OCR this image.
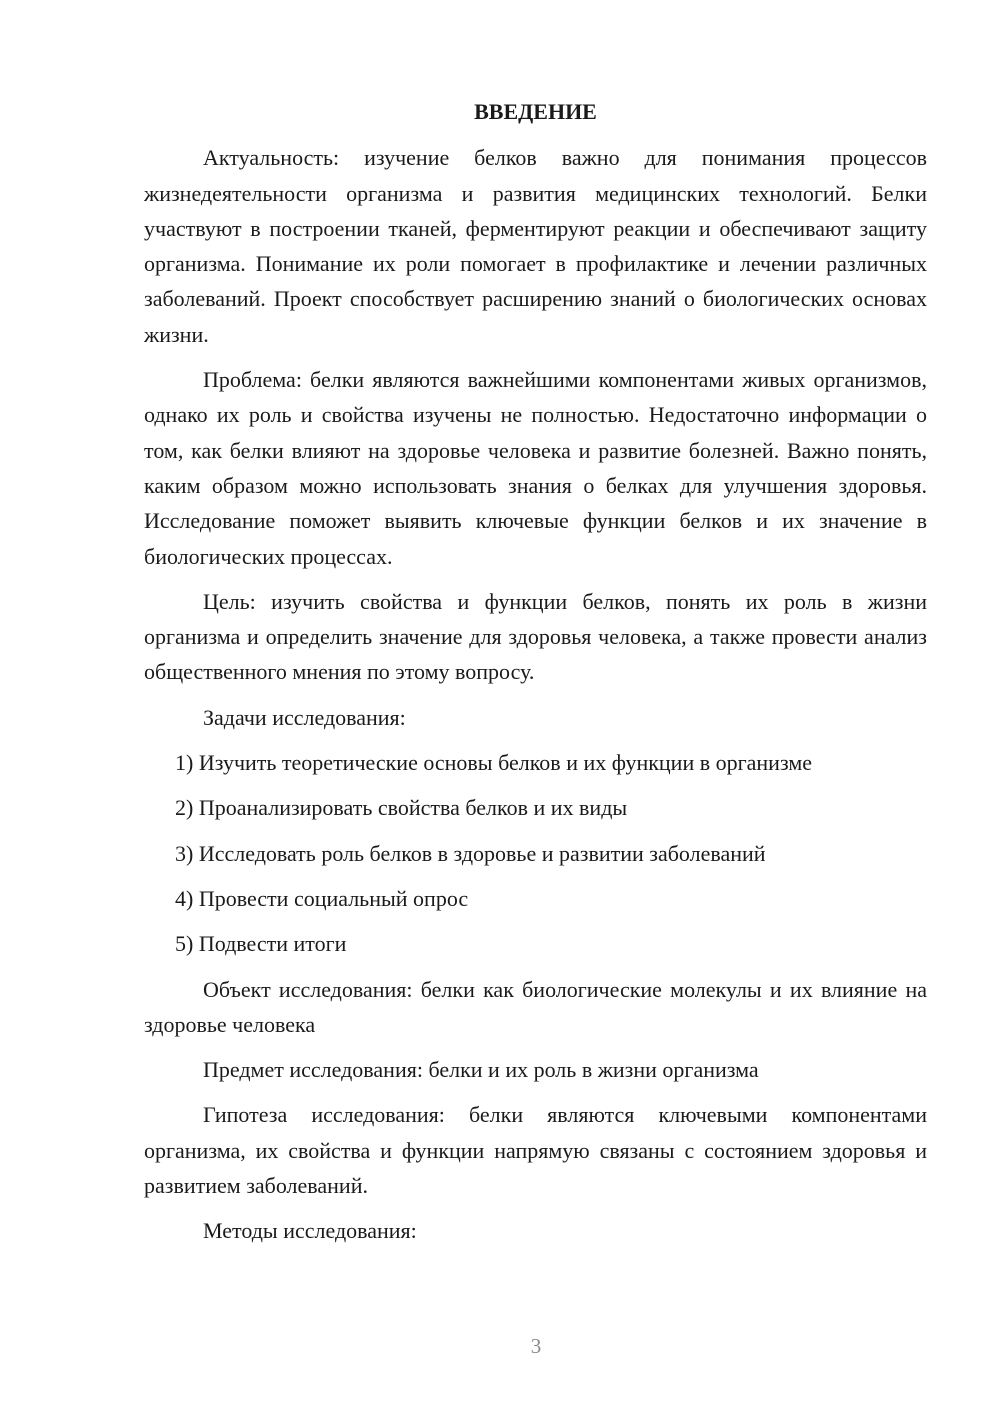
ВВЕДЕНИЕ

Актуальность: изучение белков важно для понимания процессов жизнедеятельности организма и развития медицинских технологий. Белки участвуют в построении тканей, ферментируют реакции и обеспечивают защиту организма. Понимание их роли помогает в профилактике и лечении различных заболеваний. Проект способствует расширению знаний о биологических основах жизни.

Проблема: белки являются важнейшими компонентами живых организмов, однако их роль и свойства изучены не полностью. Недостаточно информации о том, как белки влияют на здоровье человека и развитие болезней. Важно понять, каким образом можно использовать знания о белках для улучшения здоровья. Исследование поможет выявить ключевые функции белков и их значение в биологических процессах.

Цель: изучить свойства и функции белков, понять их роль в жизни организма и определить значение для здоровья человека, а также провести анализ общественного мнения по этому вопросу.

Задачи исследования:

1) Изучить теоретические основы белков и их функции в организме
2) Проанализировать свойства белков и их виды
3) Исследовать роль белков в здоровье и развитии заболеваний
4) Провести социальный опрос
5) Подвести итоги

Объект исследования: белки как биологические молекулы и их влияние на здоровье человека

Предмет исследования: белки и их роль в жизни организма

Гипотеза исследования: белки являются ключевыми компонентами организма, их свойства и функции напрямую связаны с состоянием здоровья и развитием заболеваний.

Методы исследования:

3
